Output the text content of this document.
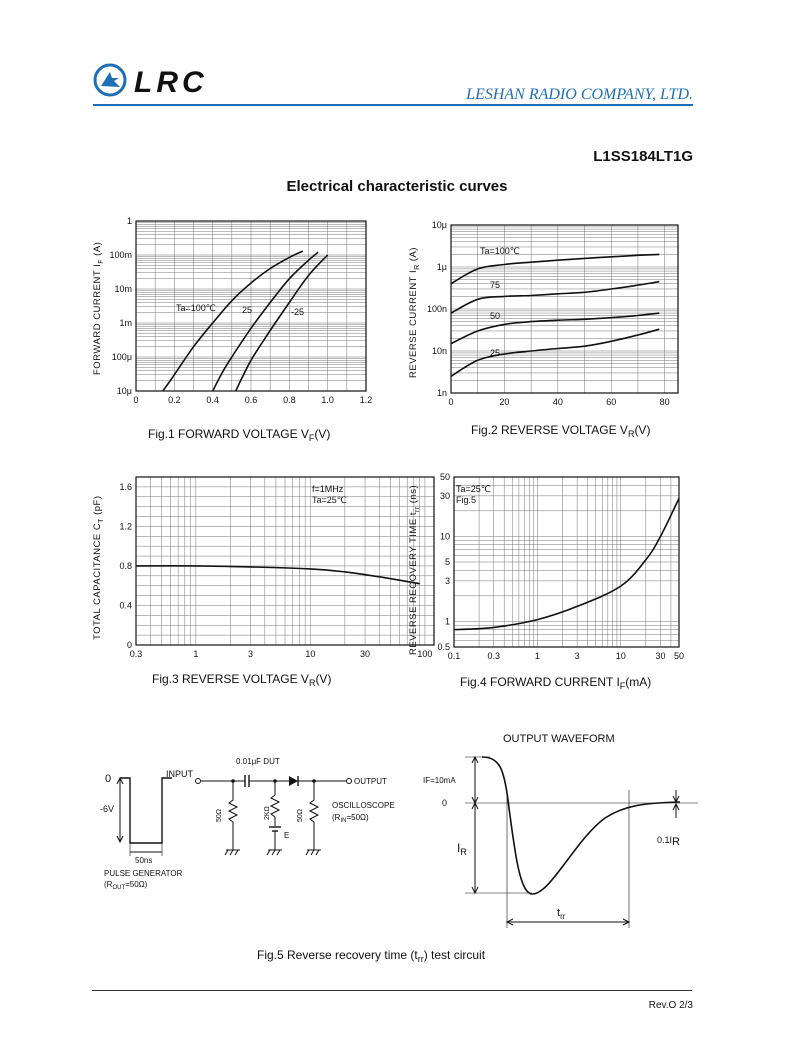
LRC	LESHAN RADIO COMPANY, LTD.
L1SS184LT1G
Electrical characteristic curves
0	0.2	0.4	0.6	0.8	1.0	1.2
1
100m
10m
1m
100μ
10μ
Ta=100℃	25	-25
FORWARD CURRENT $I_F$ (A)
Fig.1 FORWARD VOLTAGE $V_F(V)$
0	20	40	60	80
10μ
1μ
100n
10n
1n
Ta=100℃
75
50
25
REVERSE CURRENT $I_R$ (A)
Fig.2 REVERSE VOLTAGE $V_R(V)$
0.3	1	3	10	30	100
1.6
1.2
0.8
0.4
0
f=1MHz
Ta=25℃
TOTAL CAPACITANCE $C_T$ (pF)
Fig.3 REVERSE VOLTAGE $V_R(V)$
0.1	0.3	1	3	10	30 50
50
30
10
5
3
1
0.5
Ta=25℃
Fig.5
REVERSE RECOVERY TIME $t_{rr}$ (ns)
Fig.4 FORWARD CURRENT $I_F(mA)$
0
-6V
50ns
PULSE GENERATOR
$(R_{OUT}=50\Omega)$
INPUT
0.01μF DUT
OUTPUT
50Ω	2KΩ
E
50Ω
OSCILLOSCOPE
$(R_{IN}=50\Omega)$
OUTPUT WAVEFORM
IF=10mA
0
$I_R$
$t_{rr}$
0.1IR
Fig.5 Reverse recovery time $(t_{rr})$ test circuit
Rev.O 2/3
